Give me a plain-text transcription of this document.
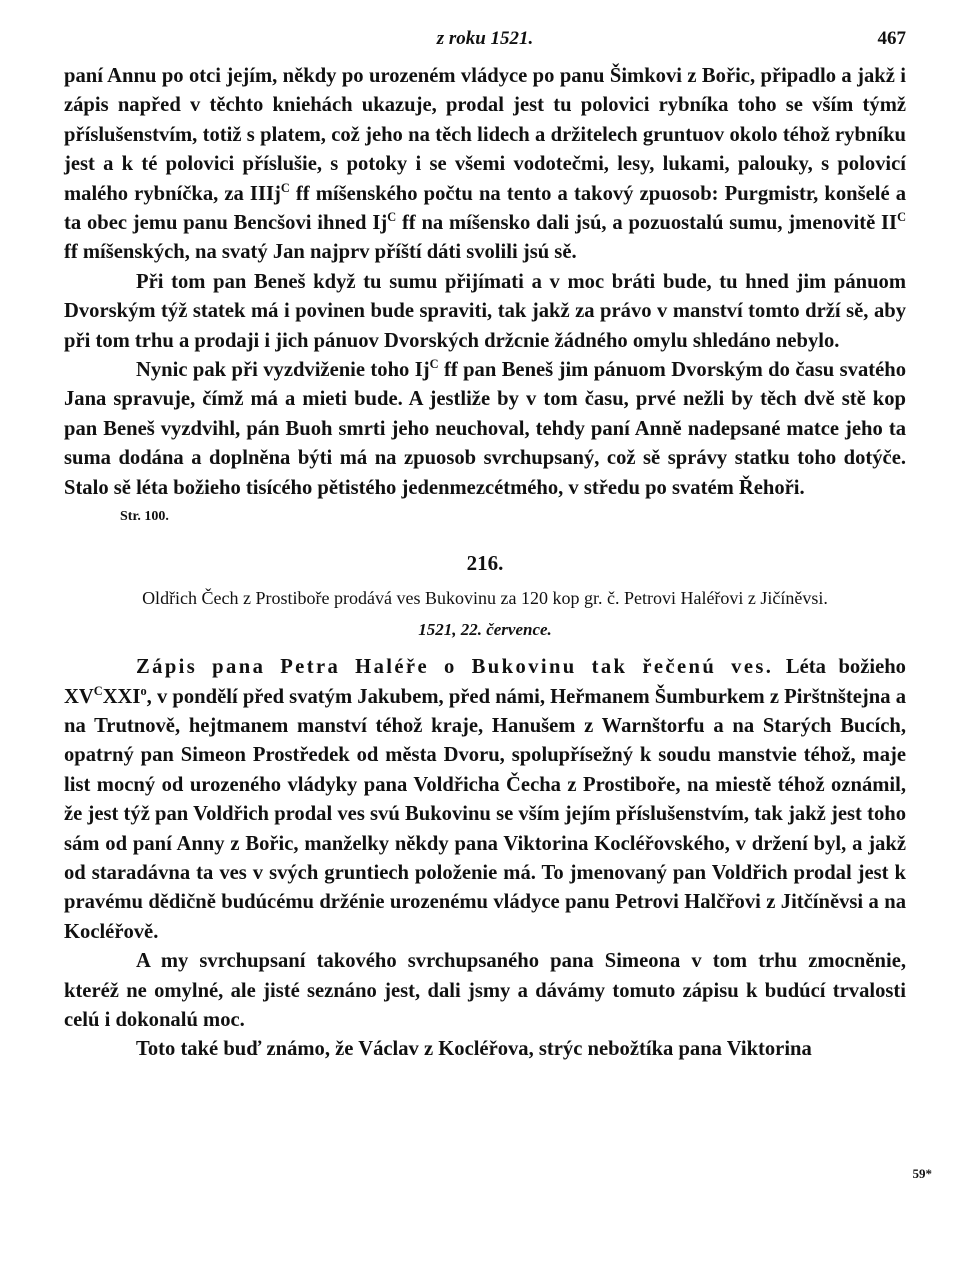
z roku 1521.	467

paní Annu po otci jejím, někdy po urozeném vládyce po panu Šimkovi z Bořic, připadlo a jakž i zápis napřed v těchto kniehách ukazuje, prodal jest tu polovici rybníka toho se vším týmž příslušenstvím, totiž s platem, což jeho na těch lidech a držitelech gruntuov okolo téhož rybníku jest a k té polovici příslušie, s potoky i se všemi vodotečmi, lesy, lukami, palouky, s polovicí malého rybníčka, za IIIj$^C$ ff míšenského počtu na tento a takový zpuosob: Purgmistr, konšelé a ta obec jemu panu Bencšovi ihned $Ij^C$ ff na míšensko dali jsú, a pozuostalú sumu, jmenovitě $II^C$ ff míšenských, na svatý Jan najprv příští dáti svolili jsú sě.

Při tom pan Beneš když tu sumu přijímati a v moc bráti bude, tu hned jim pánuom Dvorským týž statek má i povinen bude spraviti, tak jakž za právo v manství tomto drží sě, aby při tom trhu a prodaji i jich pánuov Dvorských držcnie žádného omylu shledáno nebylo.

Nynic pak při vyzdviženie toho $Ij^C$ ff pan Beneš jim pánuom Dvorským do času svatého Jana spravuje, čímž má a mieti bude. A jestliže by v tom času, prvé nežli by těch dvě stě kop pan Beneš vyzdvihl, pán Buoh smrti jeho neuchoval, tehdy paní Anně nadepsané matce jeho ta suma dodána a doplněna býti má na zpuosob svrchupsaný, což sě správy statku toho dotýče. Stalo sě léta božieho tisícého pětistého jedenmezcétmého, v středu po svatém Řehoři.

Str. 100.
216.
Oldřich Čech z Prostiboře prodává ves Bukovinu za 120 kop gr. č. Petrovi Haléřovi z Jičíněvsi.
1521, 22. července.

Zápis pana Petra Haléře o Bukovinu tak řečenú ves. Léta božieho $XV^CXXI^o$, v pondělí před svatým Jakubem, před námi, Heřmanem Šumburkem z Pirštnštejna a na Trutnově, hejtmanem manství téhož kraje, Hanušem z Warnštorfu a na Starých Bucích, opatrný pan Simeon Prostředek od města Dvoru, spolupřísežný k soudu manstvie téhož, maje list mocný od urozeného vládyky pana Voldřicha Čecha z Prostiboře, na miestě téhož oznámil, že jest týž pan Voldřich prodal ves svú Bukovinu se vším jejím příslušenstvím, tak jakž jest toho sám od paní Anny z Bořic, manželky někdy pana Viktorina Kocléřovského, v držení byl, a jakž od staradávna ta ves v svých gruntiech položenie má. To jmenovaný pan Voldřich prodal jest k pravému dědičně budúcému držénie urozenému vládyce panu Petrovi Halčřovi z Jitčíněvsi a na Kocléřově.

A my svrchupsaní takového svrchupsaného pana Simeona v tom trhu zmocněnie, kteréž ne omylné, ale jisté seznáno jest, dali jsmy a dávámy tomuto zápisu k budúcí trvalosti celú i dokonalú moc.

Toto také buď známo, že Václav z Kocléřova, strýc nebožtíka pana Viktorina

59*
